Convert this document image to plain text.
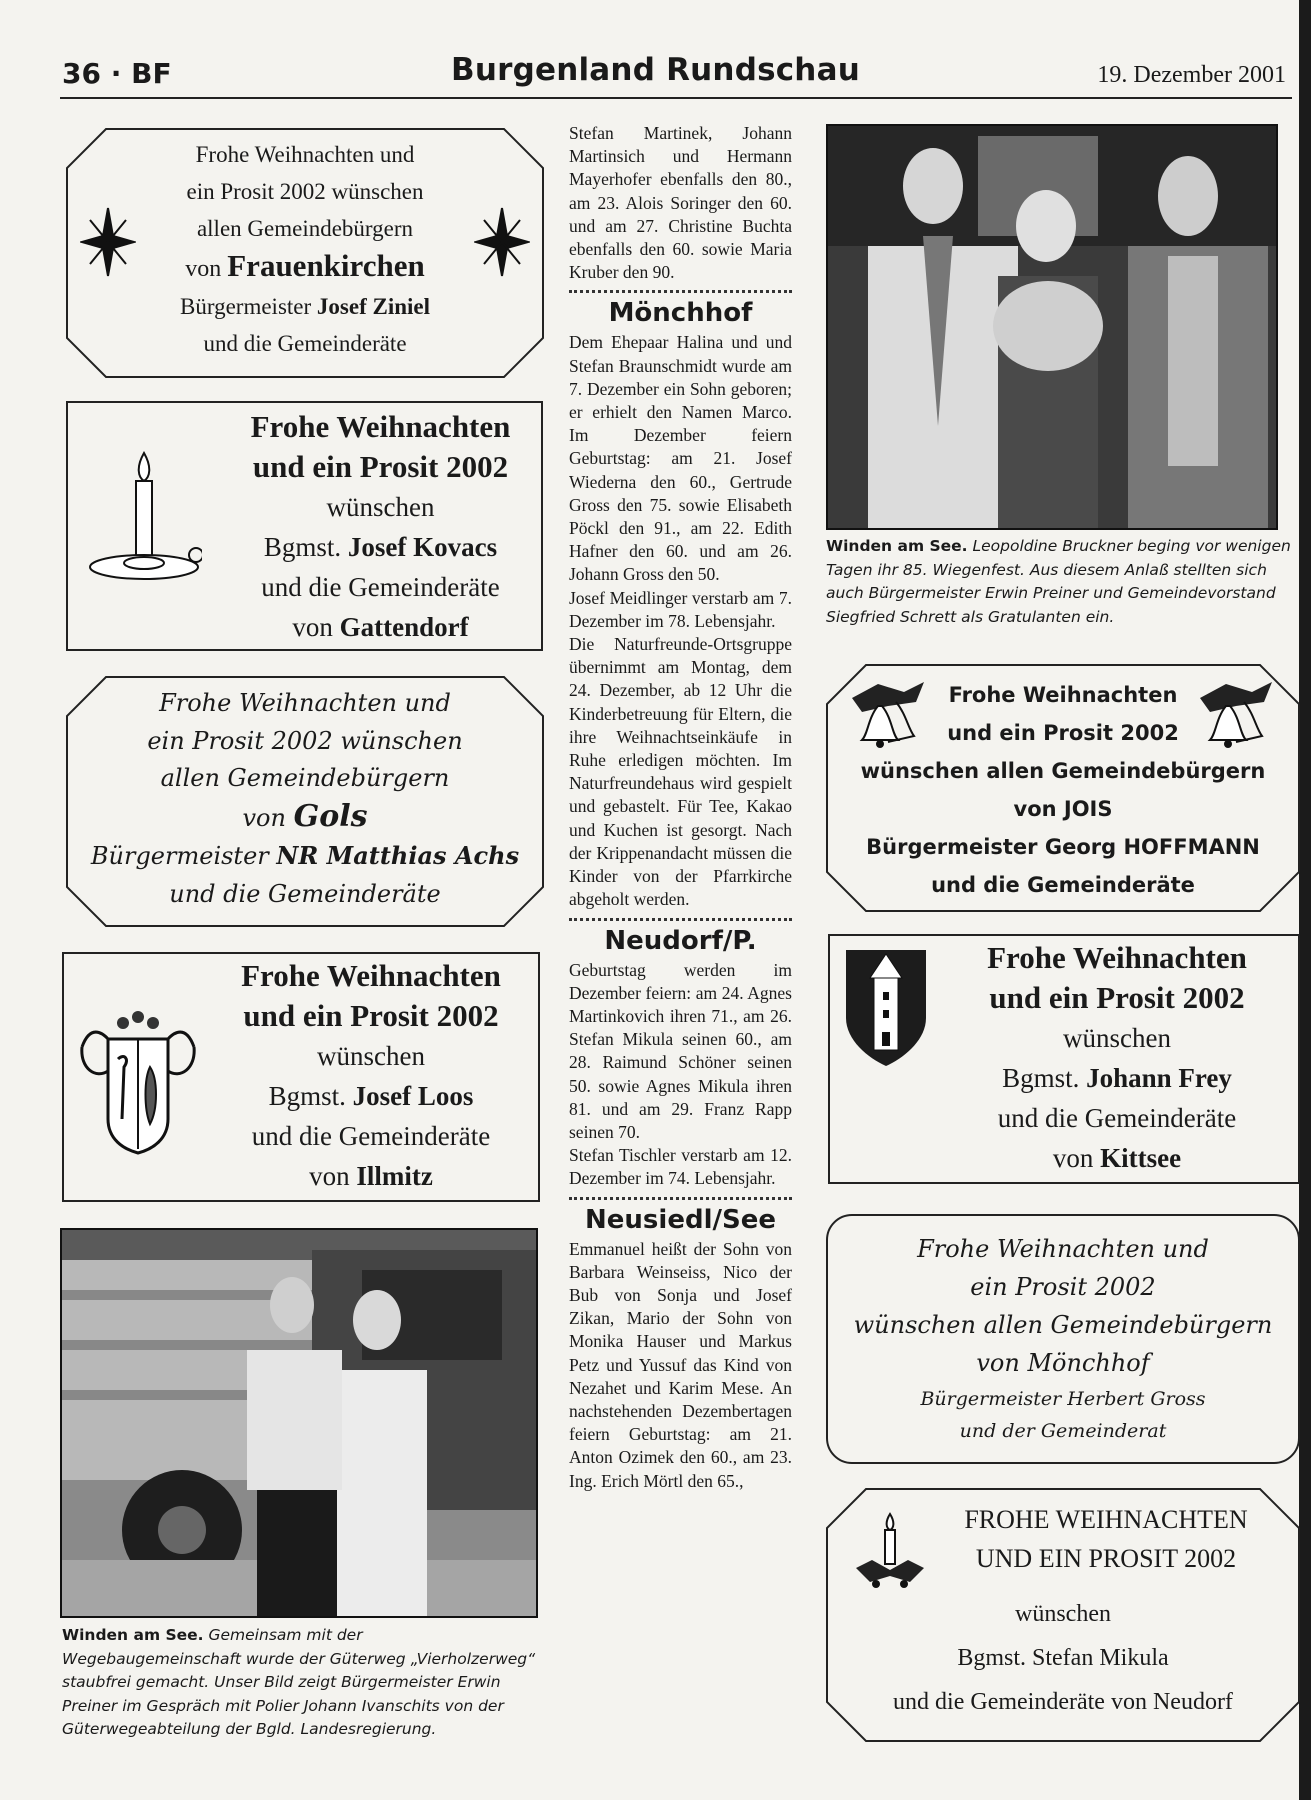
36 · BF	Burgenland Rundschau	19. Dezember 2001
Frohe Weihnachten und
ein Prosit 2002 wünschen
allen Gemeindebürgern
von Frauenkirchen
Bürgermeister Josef Ziniel
und die Gemeinderäte
Frohe Weihnachten
und ein Prosit 2002
wünschen
Bgmst. Josef Kovacs
und die Gemeinderäte
von Gattendorf
Frohe Weihnachten und
ein Prosit 2002 wünschen
allen Gemeindebürgern
von Gols
Bürgermeister NR Matthias Achs
und die Gemeinderäte
Frohe Weihnachten
und ein Prosit 2002
wünschen
Bgmst. Josef Loos
und die Gemeinderäte
von Illmitz
Winden am See. Gemeinsam mit der Wegebaugemeinschaft wurde der Güterweg „Vierholzerweg“ staubfrei gemacht. Unser Bild zeigt Bürgermeister Erwin Preiner im Gespräch mit Polier Johann Ivanschits von der Güterwegeabteilung der Bgld. Landesregierung.

Stefan Martinek, Johann Martinsich und Hermann Mayerhofer ebenfalls den 80., am 23. Alois Soringer den 60. und am 27. Christine Buchta ebenfalls den 60. sowie Maria Kruber den 90.

Mönchhof

Dem Ehepaar Halina und und Stefan Braunschmidt wurde am 7. Dezember ein Sohn geboren; er erhielt den Namen Marco. Im Dezember feiern Geburtstag: am 21. Josef Wiederna den 60., Gertrude Gross den 75. sowie Elisabeth Pöckl den 91., am 22. Edith Hafner den 60. und am 26. Johann Gross den 50.

Josef Meidlinger verstarb am 7. Dezember im 78. Lebensjahr.

Die Naturfreunde-Ortsgruppe übernimmt am Montag, dem 24. Dezember, ab 12 Uhr die Kinderbetreuung für Eltern, die ihre Weihnachtseinkäufe in Ruhe erledigen möchten. Im Naturfreundehaus wird gespielt und gebastelt. Für Tee, Kakao und Kuchen ist gesorgt. Nach der Krippenandacht müssen die Kinder von der Pfarrkirche abgeholt werden.

Neudorf/P.

Geburtstag werden im Dezember feiern: am 24. Agnes Martinkovich ihren 71., am 26. Stefan Mikula seinen 60., am 28. Raimund Schöner seinen 50. sowie Agnes Mikula ihren 81. und am 29. Franz Rapp seinen 70.

Stefan Tischler verstarb am 12. Dezember im 74. Lebensjahr.

Neusiedl/See

Emmanuel heißt der Sohn von Barbara Weinseiss, Nico der Bub von Sonja und Josef Zikan, Mario der Sohn von Monika Hauser und Markus Petz und Yussuf das Kind von Nezahet und Karim Mese. An nachstehenden Dezembertagen feiern Geburtstag: am 21. Anton Ozimek den 60., am 23. Ing. Erich Mörtl den 65.,

Winden am See. Leopoldine Bruckner beging vor wenigen Tagen ihr 85. Wiegenfest. Aus diesem Anlaß stellten sich auch Bürgermeister Erwin Preiner und Gemeindevorstand Siegfried Schrett als Gratulanten ein.
Frohe Weihnachten
und ein Prosit 2002
wünschen allen Gemeindebürgern
von JOIS
Bürgermeister Georg HOFFMANN
und die Gemeinderäte
Frohe Weihnachten
und ein Prosit 2002
wünschen
Bgmst. Johann Frey
und die Gemeinderäte
von Kittsee
Frohe Weihnachten und
ein Prosit 2002
wünschen allen Gemeindebürgern
von Mönchhof
Bürgermeister Herbert Gross
und der Gemeinderat
FROHE WEIHNACHTEN
UND EIN PROSIT 2002
wünschen
Bgmst. Stefan Mikula
und die Gemeinderäte von Neudorf
